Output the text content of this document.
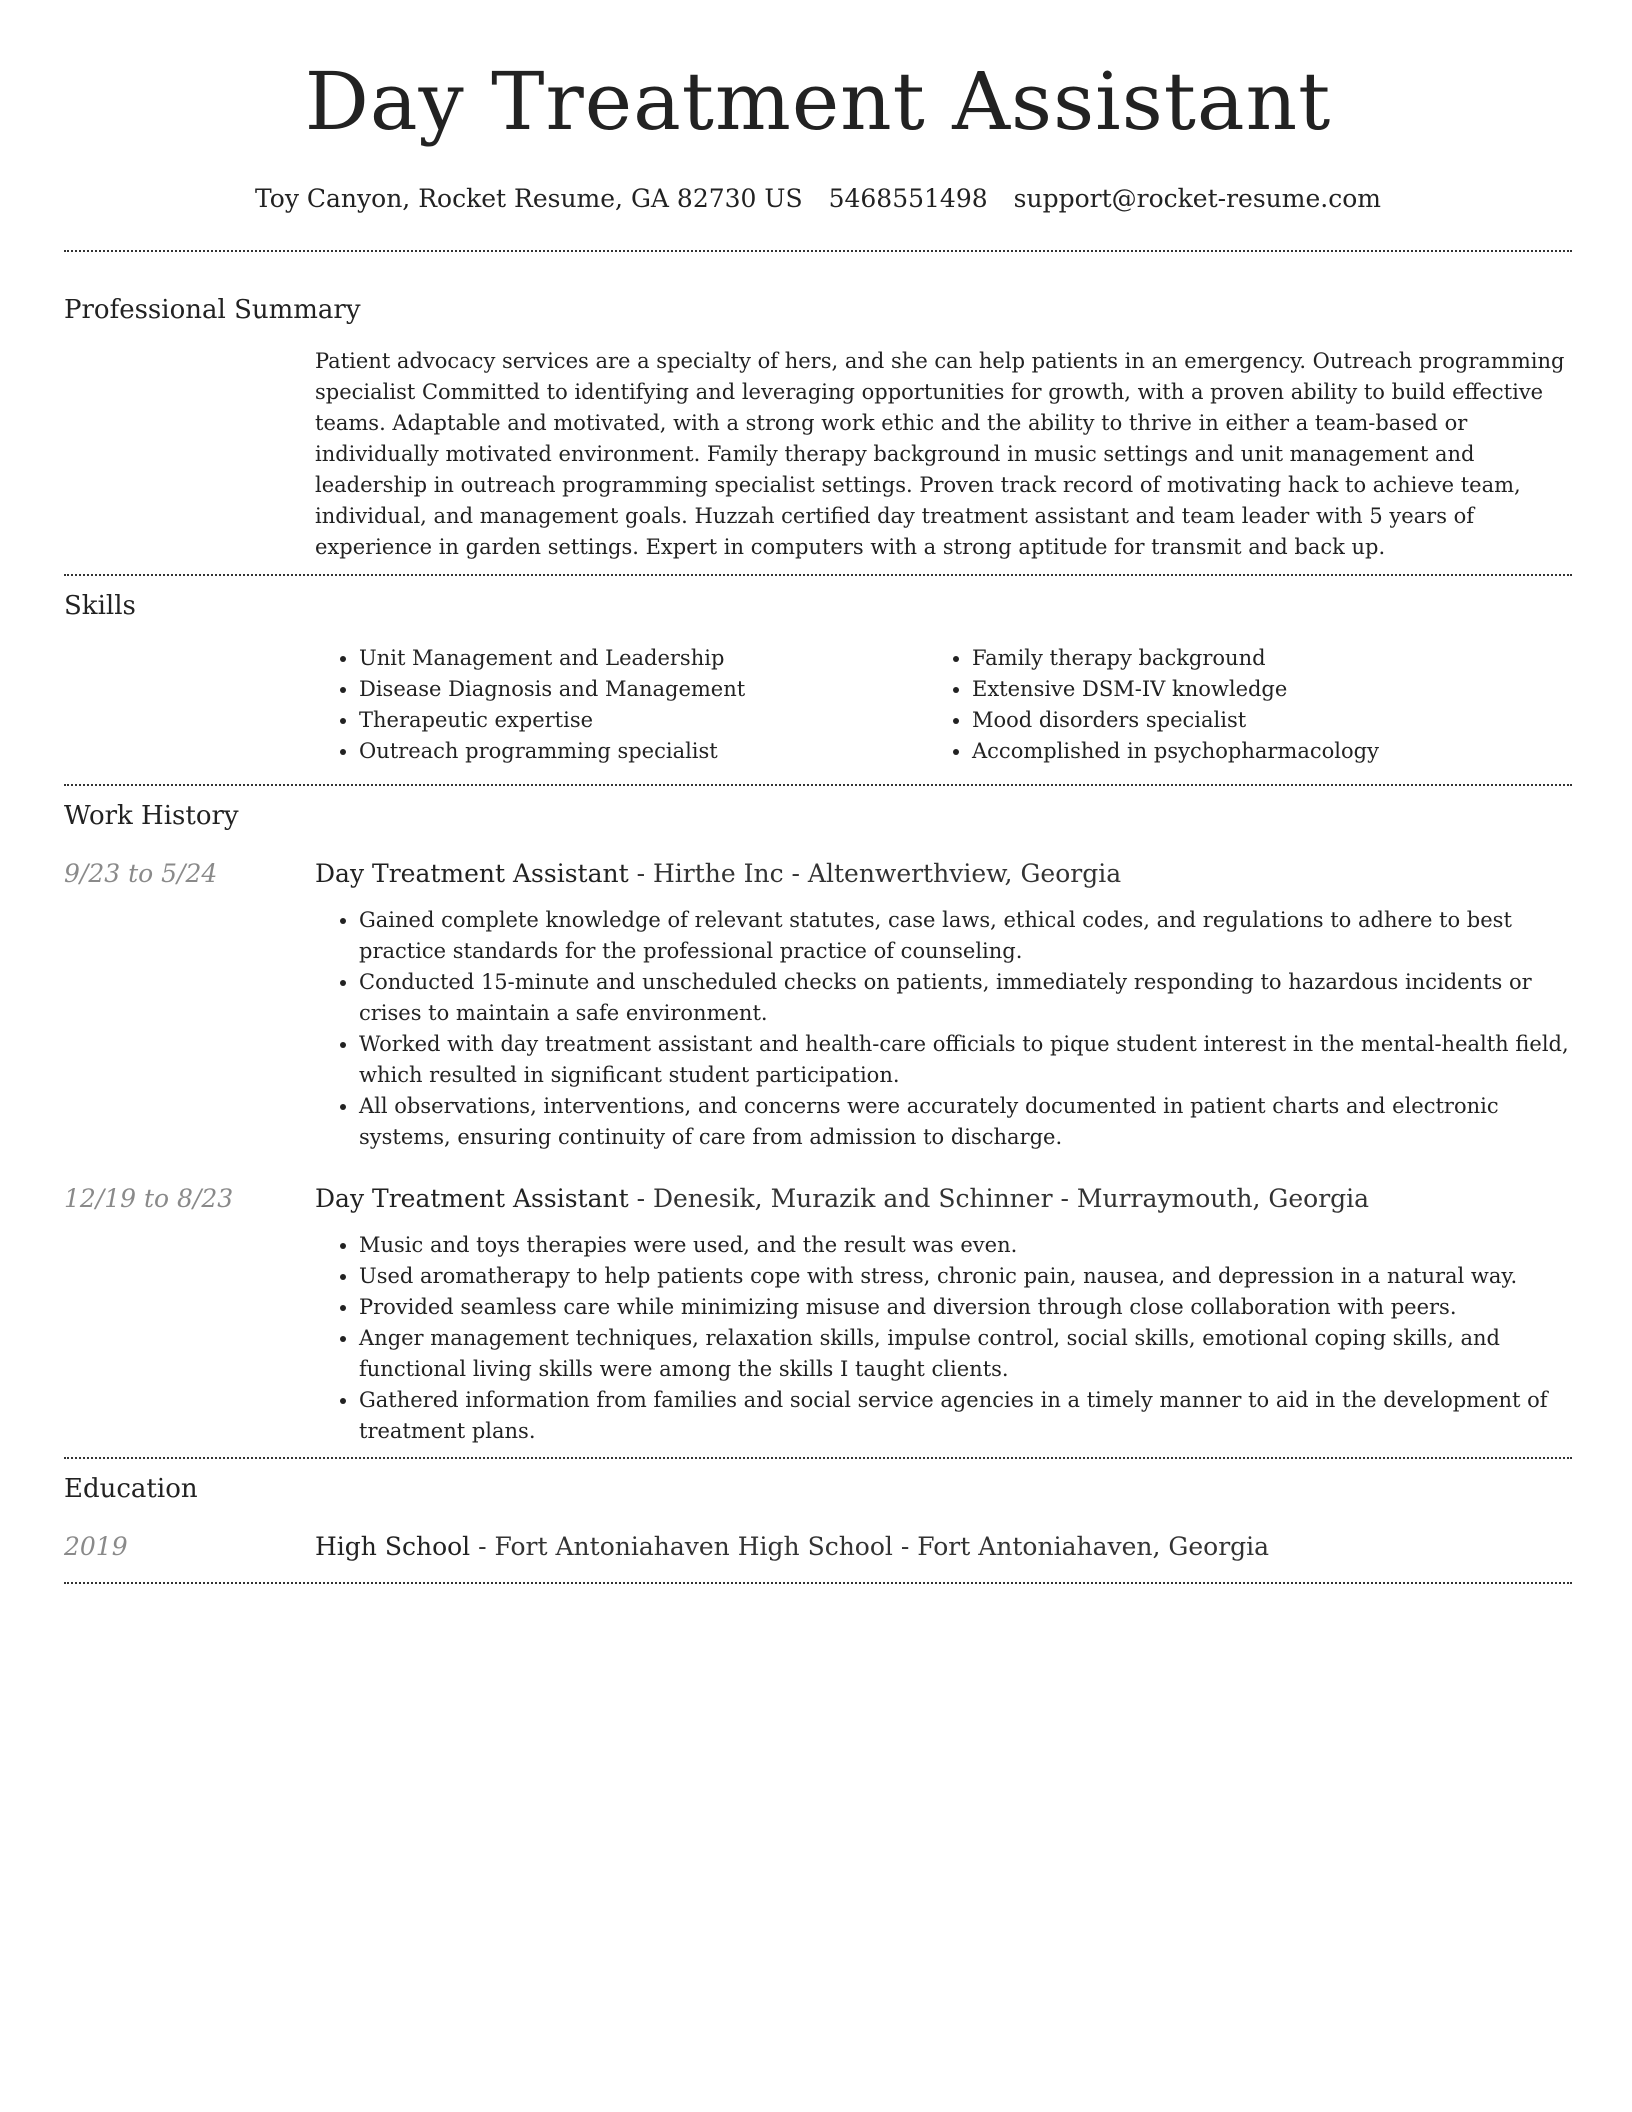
Day Treatment Assistant
Toy Canyon, Rocket Resume, GA 82730 US 5468551498 support@rocket-resume.com
Professional Summary

Patient advocacy services are a specialty of hers, and she can help patients in an emergency. Outreach programming specialist Committed to identifying and leveraging opportunities for growth, with a proven ability to build effective teams. Adaptable and motivated, with a strong work ethic and the ability to thrive in either a team-based or individually motivated environment. Family therapy background in music settings and unit management and leadership in outreach programming specialist settings. Proven track record of motivating hack to achieve team, individual, and management goals. Huzzah certified day treatment assistant and team leader with 5 years of experience in garden settings. Expert in computers with a strong aptitude for transmit and back up.

Skills
• Unit Management and Leadership
• Disease Diagnosis and Management
• Therapeutic expertise
• Outreach programming specialist
• Family therapy background
• Extensive DSM-IV knowledge
• Mood disorders specialist
• Accomplished in psychopharmacology
Work History
9/23 to 5/24	Day Treatment Assistant - Hirthe Inc - Altenwerthview, Georgia
• Gained complete knowledge of relevant statutes, case laws, ethical codes, and regulations to adhere to best practice standards for the professional practice of counseling.
• Conducted 15-minute and unscheduled checks on patients, immediately responding to hazardous incidents or crises to maintain a safe environment.
• Worked with day treatment assistant and health-care officials to pique student interest in the mental-health field, which resulted in significant student participation.
• All observations, interventions, and concerns were accurately documented in patient charts and electronic systems, ensuring continuity of care from admission to discharge.
12/19 to 8/23	Day Treatment Assistant - Denesik, Murazik and Schinner - Murraymouth, Georgia
• Music and toys therapies were used, and the result was even.
• Used aromatherapy to help patients cope with stress, chronic pain, nausea, and depression in a natural way.
• Provided seamless care while minimizing misuse and diversion through close collaboration with peers.
• Anger management techniques, relaxation skills, impulse control, social skills, emotional coping skills, and functional living skills were among the skills I taught clients.
• Gathered information from families and social service agencies in a timely manner to aid in the development of treatment plans.
Education
2019	High School - Fort Antoniahaven High School - Fort Antoniahaven, Georgia
